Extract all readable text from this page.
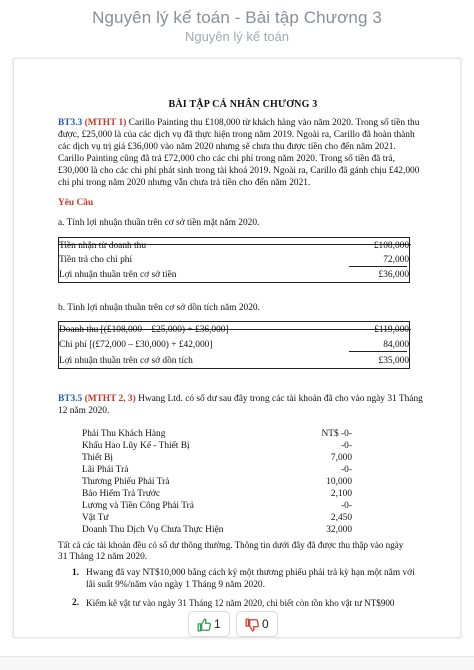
Nguyên lý kế toán - Bài tập Chương 3
Nguyên lý kế toán
BÀI TẬP CÁ NHÂN CHƯƠNG 3
BT3.3 (MTHT 1) Carillo Painting thu £108,000 từ khách hàng vào năm 2020. Trong số tiền thu
được, £25,000 là của các dịch vụ đã thực hiện trong năm 2019. Ngoài ra, Carillo đã hoàn thành
các dịch vụ trị giá £36,000 vào năm 2020 nhưng sẽ chưa thu được tiền cho đến năm 2021.
Carillo Painting cũng đã trả £72,000 cho các chi phí trong năm 2020. Trong số tiền đã trả,
£30,000 là cho các chi phí phát sinh trong tài khoá 2019. Ngoài ra, Carillo đã gánh chịu £42,000
chi phí trong năm 2020 nhưng vẫn chưa trả tiền cho đến năm 2021.
Yêu Cầu
a. Tính lợi nhuận thuần trên cơ sở tiền mặt năm 2020.
Tiền nhận từ doanh thu	£108,000
Tiền trả cho chi phí	72,000
Lợi nhuận thuần trên cơ sở tiền	£36,000
b. Tính lợi nhuận thuần trên cơ sở dồn tích năm 2020.
Doanh thu [(£108,000 – £25,000) + £36,000]	£119,000
Chi phí [(£72,000 – £30,000) + £42,000]	84,000
Lợi nhuận thuần trên cơ sở dồn tích	£35,000
BT3.5 (MTHT 2, 3) Hwang Ltd. có số dư sau đây trong các tài khoản đã cho vào ngày 31 Tháng
12 năm 2020.
Phải Thu Khách Hàng	NT$ -0-
Khấu Hao Lũy Kế - Thiết Bị	-0-
Thiết Bị	7,000
Lãi Phải Trả	-0-
Thương Phiếu Phải Trả	10,000
Bảo Hiểm Trả Trước	2,100
Lương và Tiền Công Phải Trả	-0-
Vật Tư	2,450
Doanh Thu Dịch Vụ Chưa Thực Hiện	32,000
Tất cả các tài khoản đều có số dư thông thường. Thông tin dưới đây đã được thu thập vào ngày
31 Tháng 12 năm 2020.
1. Hwang đã vay NT$10,000 bằng cách ký một thương phiếu phải trả kỳ hạn một năm với
lãi suất 9%/năm vào ngày 1 Tháng 9 năm 2020.
2. Kiểm kê vật tư vào ngày 31 Tháng 12 năm 2020, chỉ biết còn tồn kho vật tư NT$900
1	0
